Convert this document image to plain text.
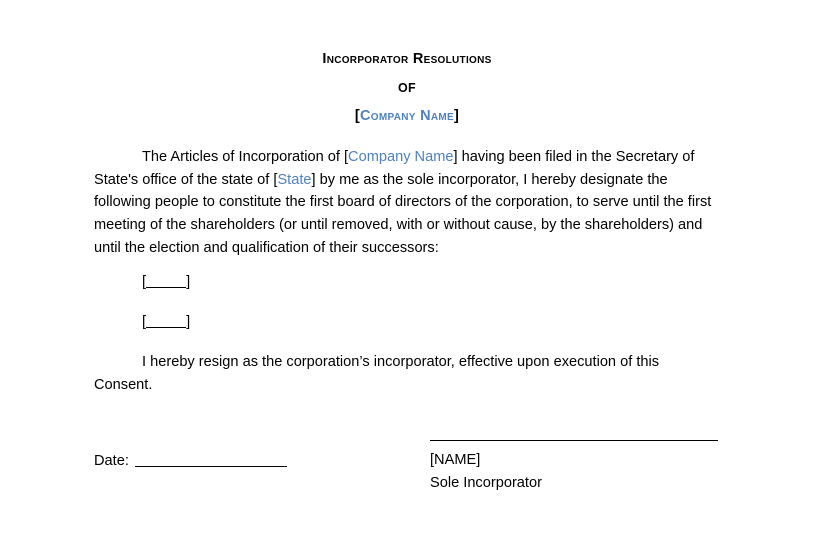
Incorporator Resolutions
OF
[Company Name]

The Articles of Incorporation of [Company Name] having been filed in the Secretary of State's office of the state of [State] by me as the sole incorporator, I hereby designate the following people to constitute the first board of directors of the corporation, to serve until the first meeting of the shareholders (or until removed, with or without cause, by the shareholders) and until the election and qualification of their successors:

[	]
[	]

I hereby resign as the corporation’s incorporator, effective upon execution of this Consent.

Date:	[NAME]

Sole Incorporator
